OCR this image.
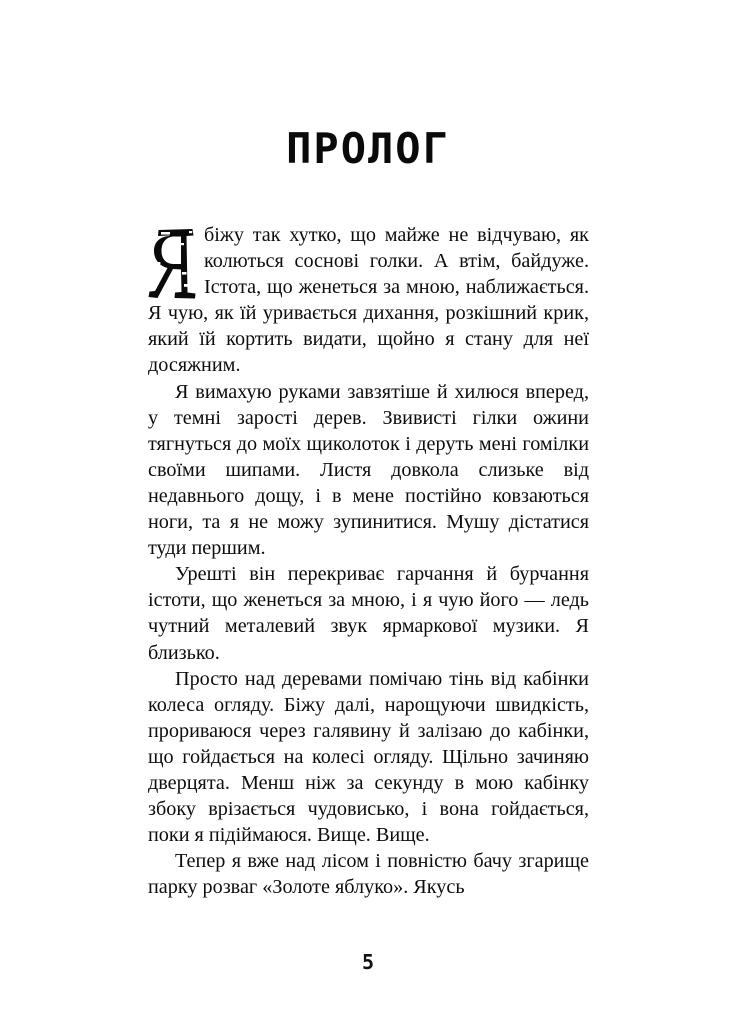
ПРОЛОГ

біжу так хутко, що майже не відчуваю, як колються соснові голки. А втім, байдуже. Істота, що женеться за мною, наближається. Я чую, як їй уривається дихання, розкішний крик, який їй кортить видати, щойно я стану для неї досяжним.

Я вимахую руками завзятіше й хилюся вперед, у темні зарості дерев. Звивисті гілки ожини тягнуться до моїх щиколоток і деруть мені гомілки своїми шипами. Листя довкола слизьке від недавнього дощу, і в мене постійно ковзаються ноги, та я не можу зупинитися. Мушу дістатися туди першим.

Урешті він перекриває гарчання й бурчання істоти, що женеться за мною, і я чую його — ледь чутний металевий звук ярмаркової музики. Я близько.

Просто над деревами помічаю тінь від кабінки колеса огляду. Біжу далі, нарощуючи швидкість, прориваюся через галявину й залізаю до кабінки, що гойдається на колесі огляду. Щільно зачиняю дверцята. Менш ніж за секунду в мою кабінку збоку врізається чудовисько, і вона гойдається, поки я підіймаюся. Вище. Вище.

Тепер я вже над лісом і повністю бачу згарище парку розваг «Золоте яблуко». Якусь

5
